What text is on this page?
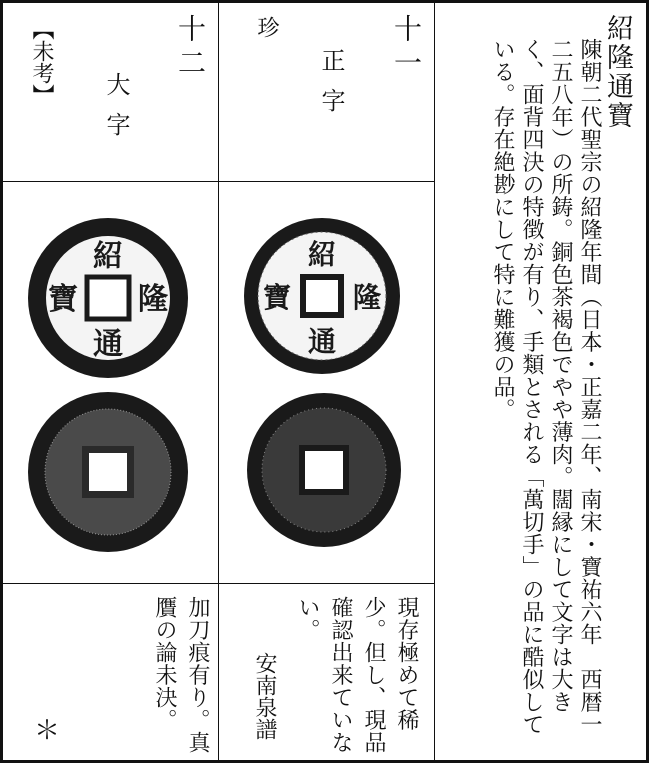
紹隆通寶
陳朝二代聖宗の紹隆年間（日本・正嘉二年、南宋・寶祐六年　西暦一二五八年）の所鋳。銅色茶褐色でやや薄肉。闊縁にして文字は大きく、面背四決の特徴が有り、手類とされる「萬切手」の品に酷似している。存在絶尠にして特に難獲の品。
十一
正字
珍
紹
隆
通
寶
現存極めて稀少。但し、現品確認出来ていない。
安南泉譜
十二
大字
【未考】
紹
隆
通
寶
加刀痕有り。真贋の論未決。
＊
